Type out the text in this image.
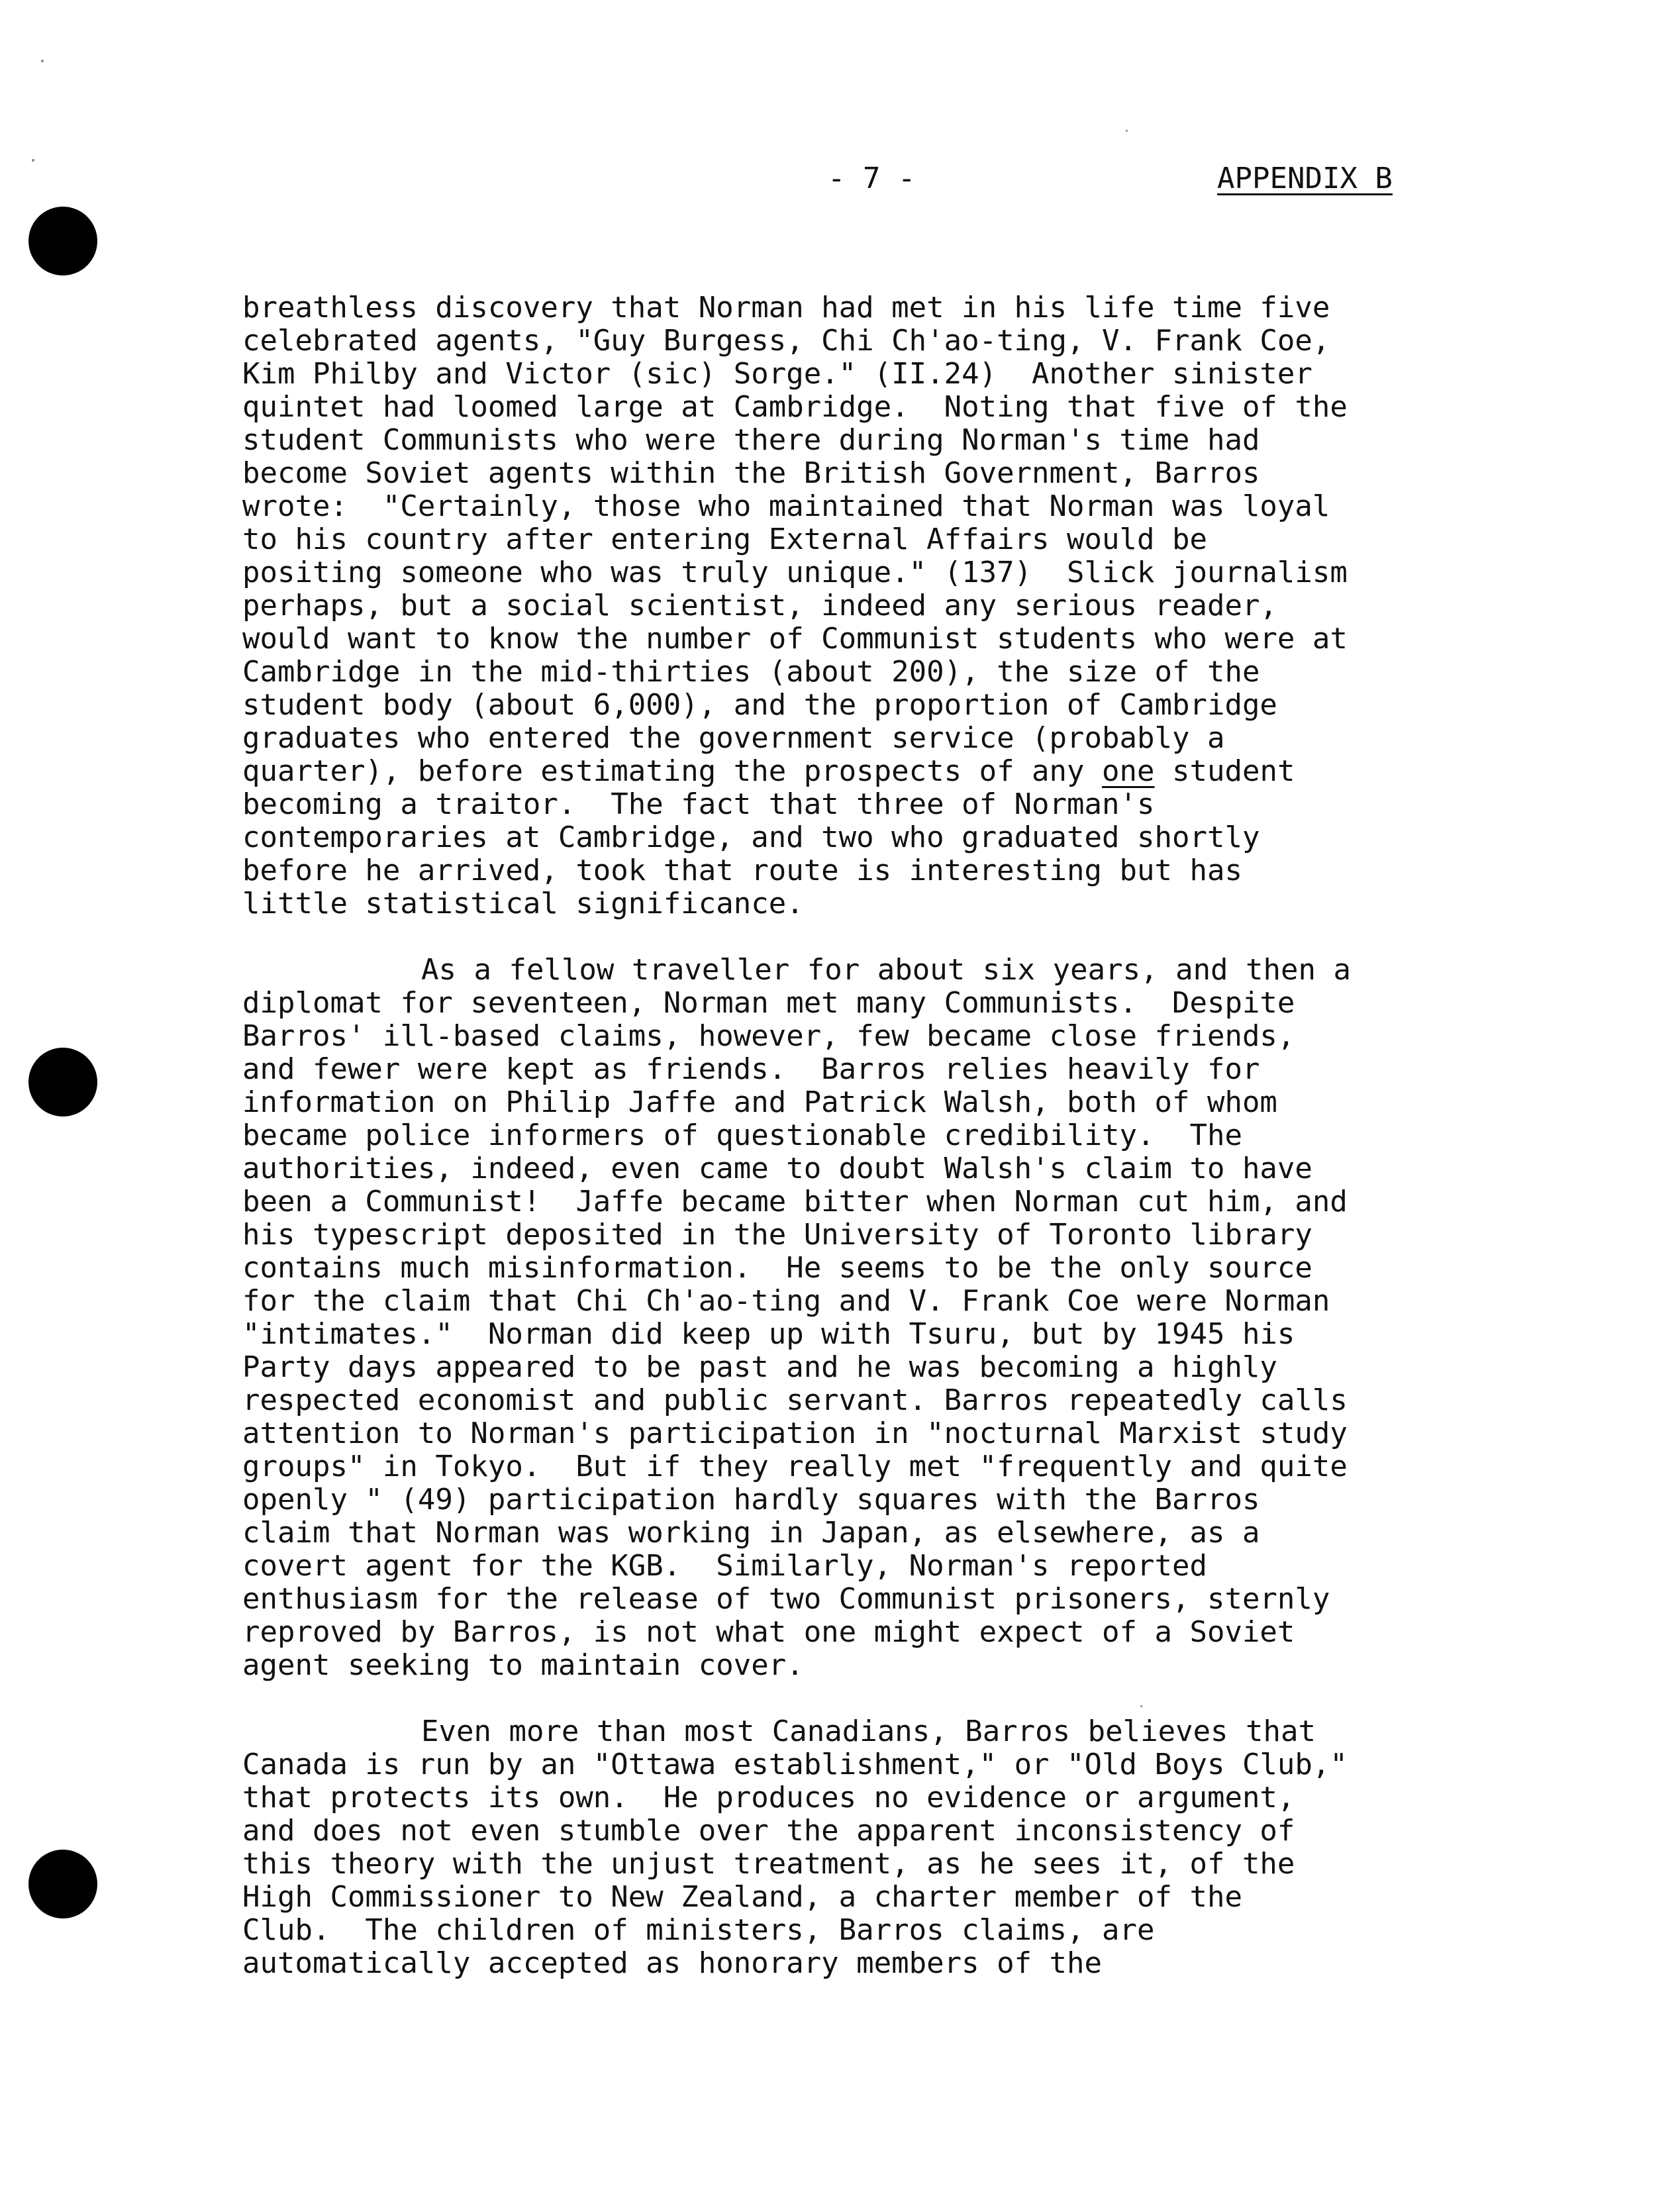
- 7 -	APPENDIX B
breathless discovery that Norman had met in his life time five
celebrated agents, "Guy Burgess, Chi Ch'ao-ting, V. Frank Coe,
Kim Philby and Victor (sic) Sorge." (II.24)  Another sinister
quintet had loomed large at Cambridge.  Noting that five of the
student Communists who were there during Norman's time had
become Soviet agents within the British Government, Barros
wrote:  "Certainly, those who maintained that Norman was loyal
to his country after entering External Affairs would be
positing someone who was truly unique." (137)  Slick journalism
perhaps, but a social scientist, indeed any serious reader,
would want to know the number of Communist students who were at
Cambridge in the mid-thirties (about 200), the size of the
student body (about 6,000), and the proportion of Cambridge
graduates who entered the government service (probably a
quarter), before estimating the prospects of any one student
becoming a traitor.  The fact that three of Norman's
contemporaries at Cambridge, and two who graduated shortly
before he arrived, took that route is interesting but has
little statistical significance.
As a fellow traveller for about six years, and then a
diplomat for seventeen, Norman met many Communists.  Despite
Barros' ill-based claims, however, few became close friends,
and fewer were kept as friends.  Barros relies heavily for
information on Philip Jaffe and Patrick Walsh, both of whom
became police informers of questionable credibility.  The
authorities, indeed, even came to doubt Walsh's claim to have
been a Communist!  Jaffe became bitter when Norman cut him, and
his typescript deposited in the University of Toronto library
contains much misinformation.  He seems to be the only source
for the claim that Chi Ch'ao-ting and V. Frank Coe were Norman
"intimates."  Norman did keep up with Tsuru, but by 1945 his
Party days appeared to be past and he was becoming a highly
respected economist and public servant. Barros repeatedly calls
attention to Norman's participation in "nocturnal Marxist study
groups" in Tokyo.  But if they really met "frequently and quite
openly " (49) participation hardly squares with the Barros
claim that Norman was working in Japan, as elsewhere, as a
covert agent for the KGB.  Similarly, Norman's reported
enthusiasm for the release of two Communist prisoners, sternly
reproved by Barros, is not what one might expect of a Soviet
agent seeking to maintain cover.
Even more than most Canadians, Barros believes that
Canada is run by an "Ottawa establishment," or "Old Boys Club,"
that protects its own.  He produces no evidence or argument,
and does not even stumble over the apparent inconsistency of
this theory with the unjust treatment, as he sees it, of the
High Commissioner to New Zealand, a charter member of the
Club.  The children of ministers, Barros claims, are
automatically accepted as honorary members of the
